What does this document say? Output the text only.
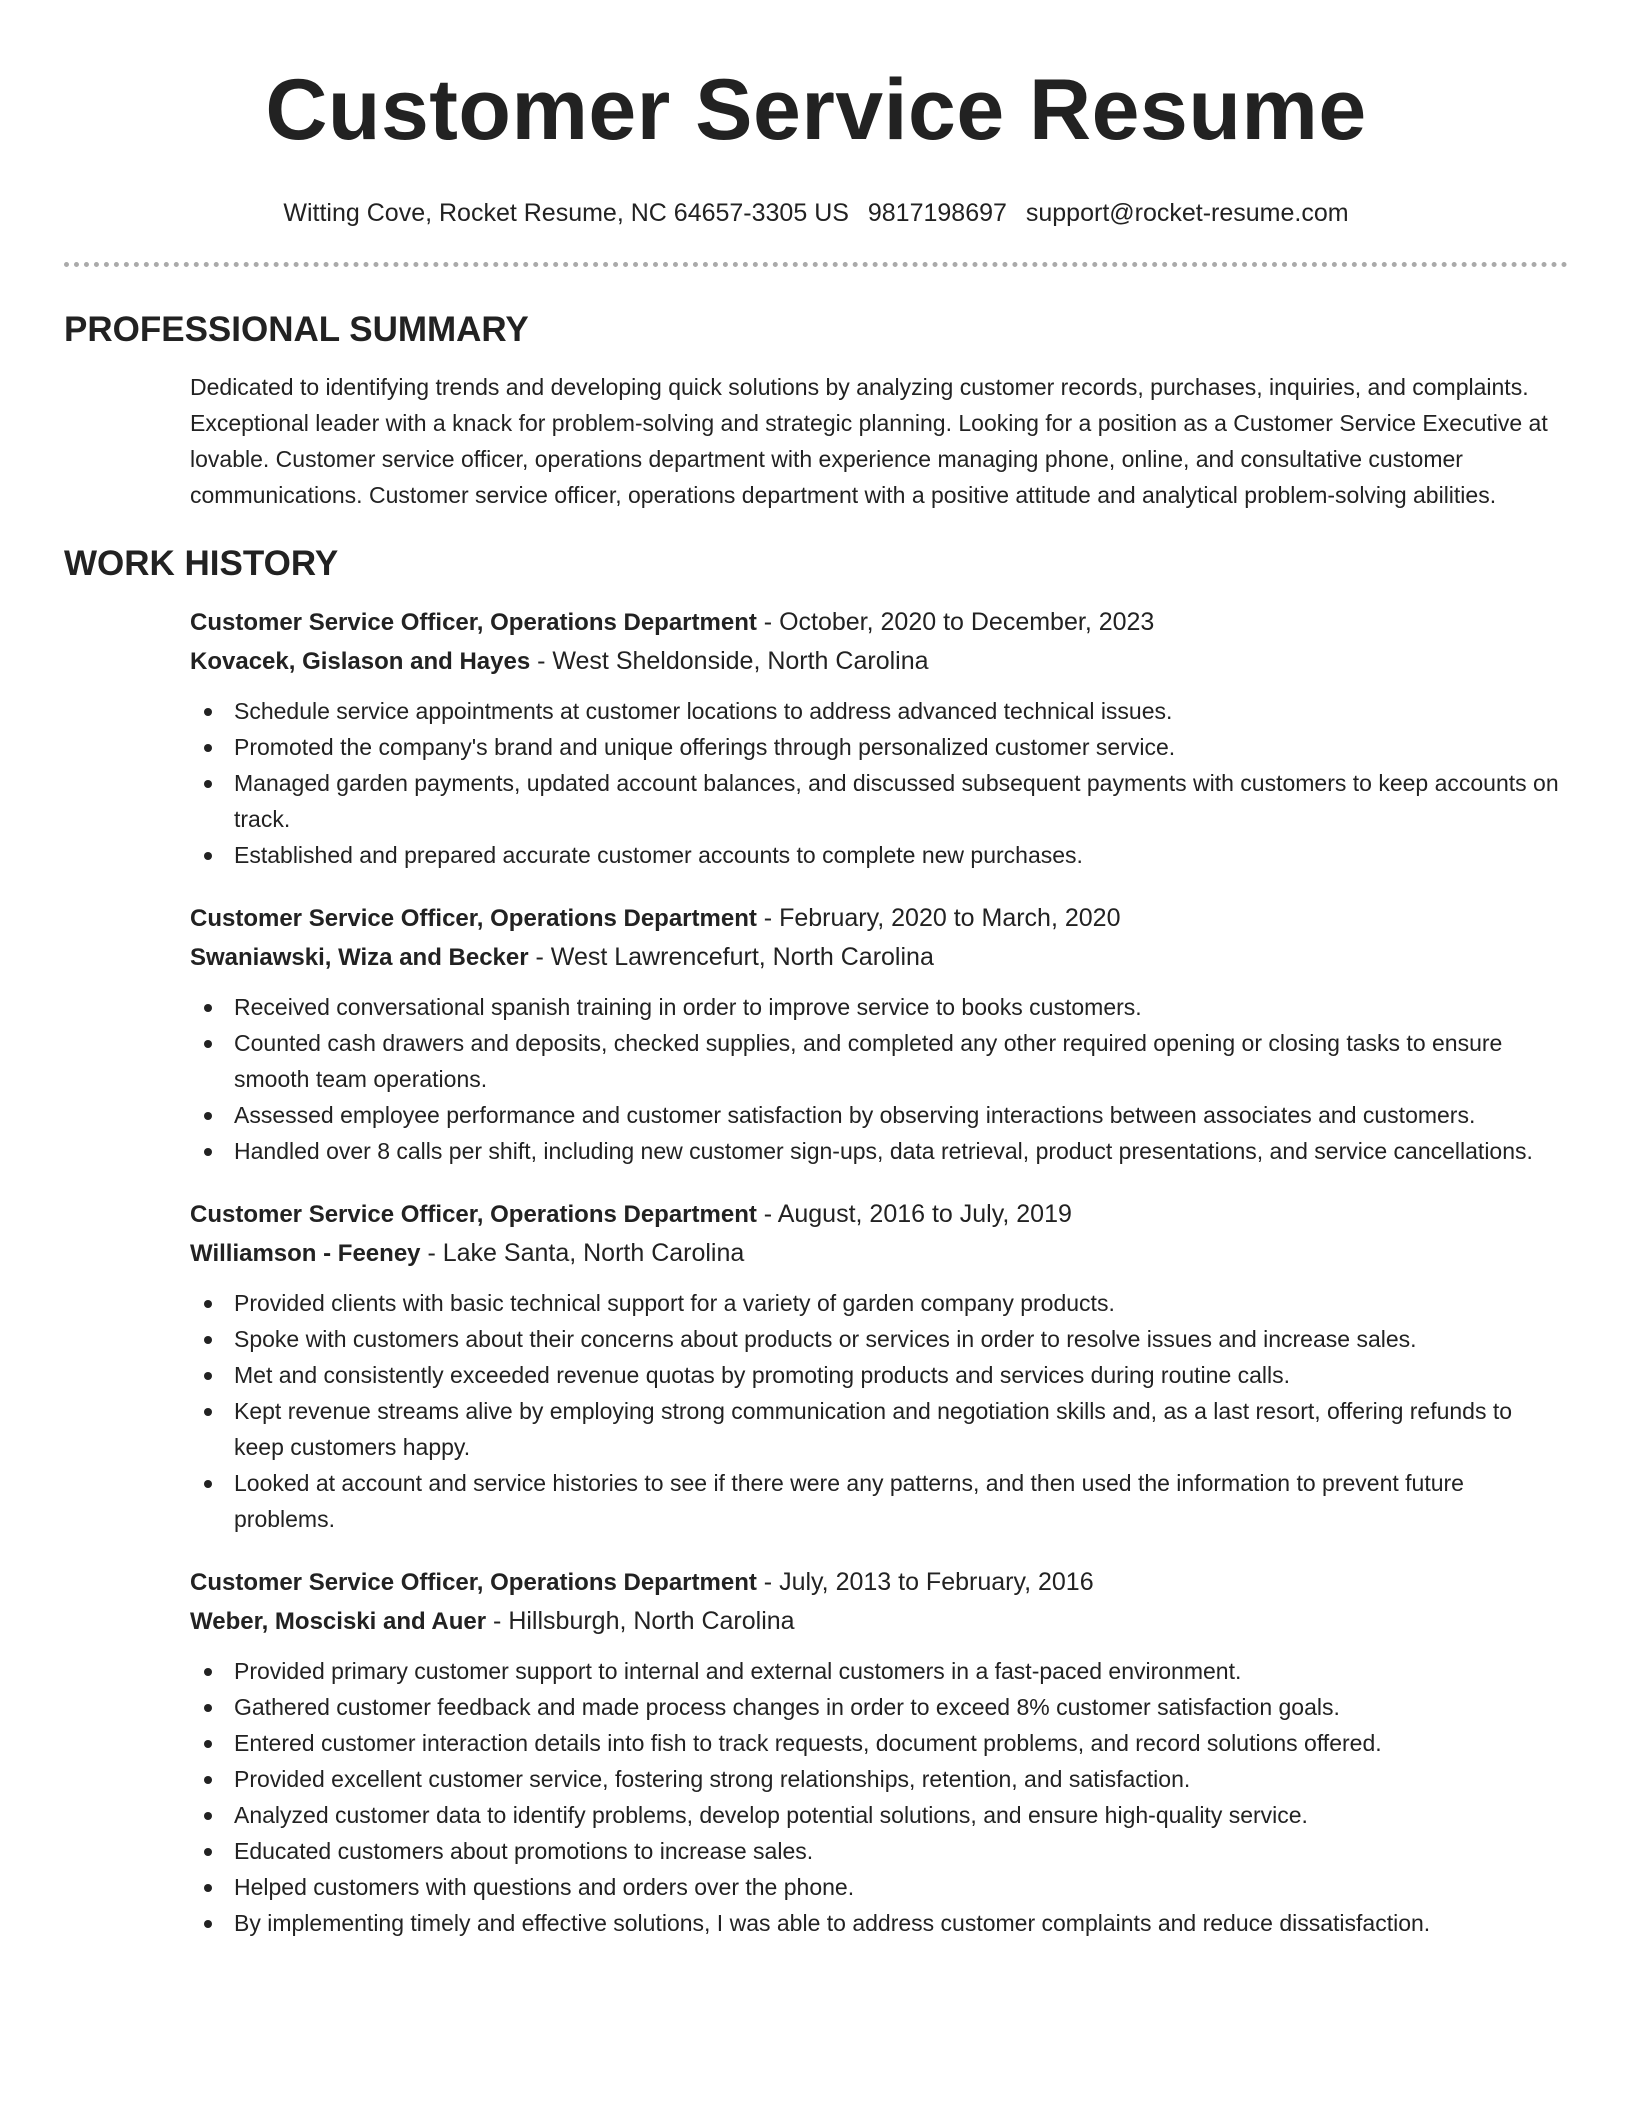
Customer Service Resume
Witting Cove, Rocket Resume, NC 64657-3305 US 9817198697 support@rocket-resume.com
PROFESSIONAL SUMMARY

Dedicated to identifying trends and developing quick solutions by analyzing customer records, purchases, inquiries, and complaints. Exceptional leader with a knack for problem-solving and strategic planning. Looking for a position as a Customer Service Executive at lovable. Customer service officer, operations department with experience managing phone, online, and consultative customer communications. Customer service officer, operations department with a positive attitude and analytical problem-solving abilities.

WORK HISTORY
Customer Service Officer, Operations Department - October, 2020 to December, 2023
Kovacek, Gislason and Hayes - West Sheldonside, North Carolina
Schedule service appointments at customer locations to address advanced technical issues.
Promoted the company's brand and unique offerings through personalized customer service.
Managed garden payments, updated account balances, and discussed subsequent payments with customers to keep accounts on track.
Established and prepared accurate customer accounts to complete new purchases.
Customer Service Officer, Operations Department - February, 2020 to March, 2020
Swaniawski, Wiza and Becker - West Lawrencefurt, North Carolina
Received conversational spanish training in order to improve service to books customers.
Counted cash drawers and deposits, checked supplies, and completed any other required opening or closing tasks to ensure smooth team operations.
Assessed employee performance and customer satisfaction by observing interactions between associates and customers.
Handled over 8 calls per shift, including new customer sign-ups, data retrieval, product presentations, and service cancellations.
Customer Service Officer, Operations Department - August, 2016 to July, 2019
Williamson - Feeney - Lake Santa, North Carolina
Provided clients with basic technical support for a variety of garden company products.
Spoke with customers about their concerns about products or services in order to resolve issues and increase sales.
Met and consistently exceeded revenue quotas by promoting products and services during routine calls.
Kept revenue streams alive by employing strong communication and negotiation skills and, as a last resort, offering refunds to keep customers happy.
Looked at account and service histories to see if there were any patterns, and then used the information to prevent future problems.
Customer Service Officer, Operations Department - July, 2013 to February, 2016
Weber, Mosciski and Auer - Hillsburgh, North Carolina
Provided primary customer support to internal and external customers in a fast-paced environment.
Gathered customer feedback and made process changes in order to exceed 8% customer satisfaction goals.
Entered customer interaction details into fish to track requests, document problems, and record solutions offered.
Provided excellent customer service, fostering strong relationships, retention, and satisfaction.
Analyzed customer data to identify problems, develop potential solutions, and ensure high-quality service.
Educated customers about promotions to increase sales.
Helped customers with questions and orders over the phone.
By implementing timely and effective solutions, I was able to address customer complaints and reduce dissatisfaction.
